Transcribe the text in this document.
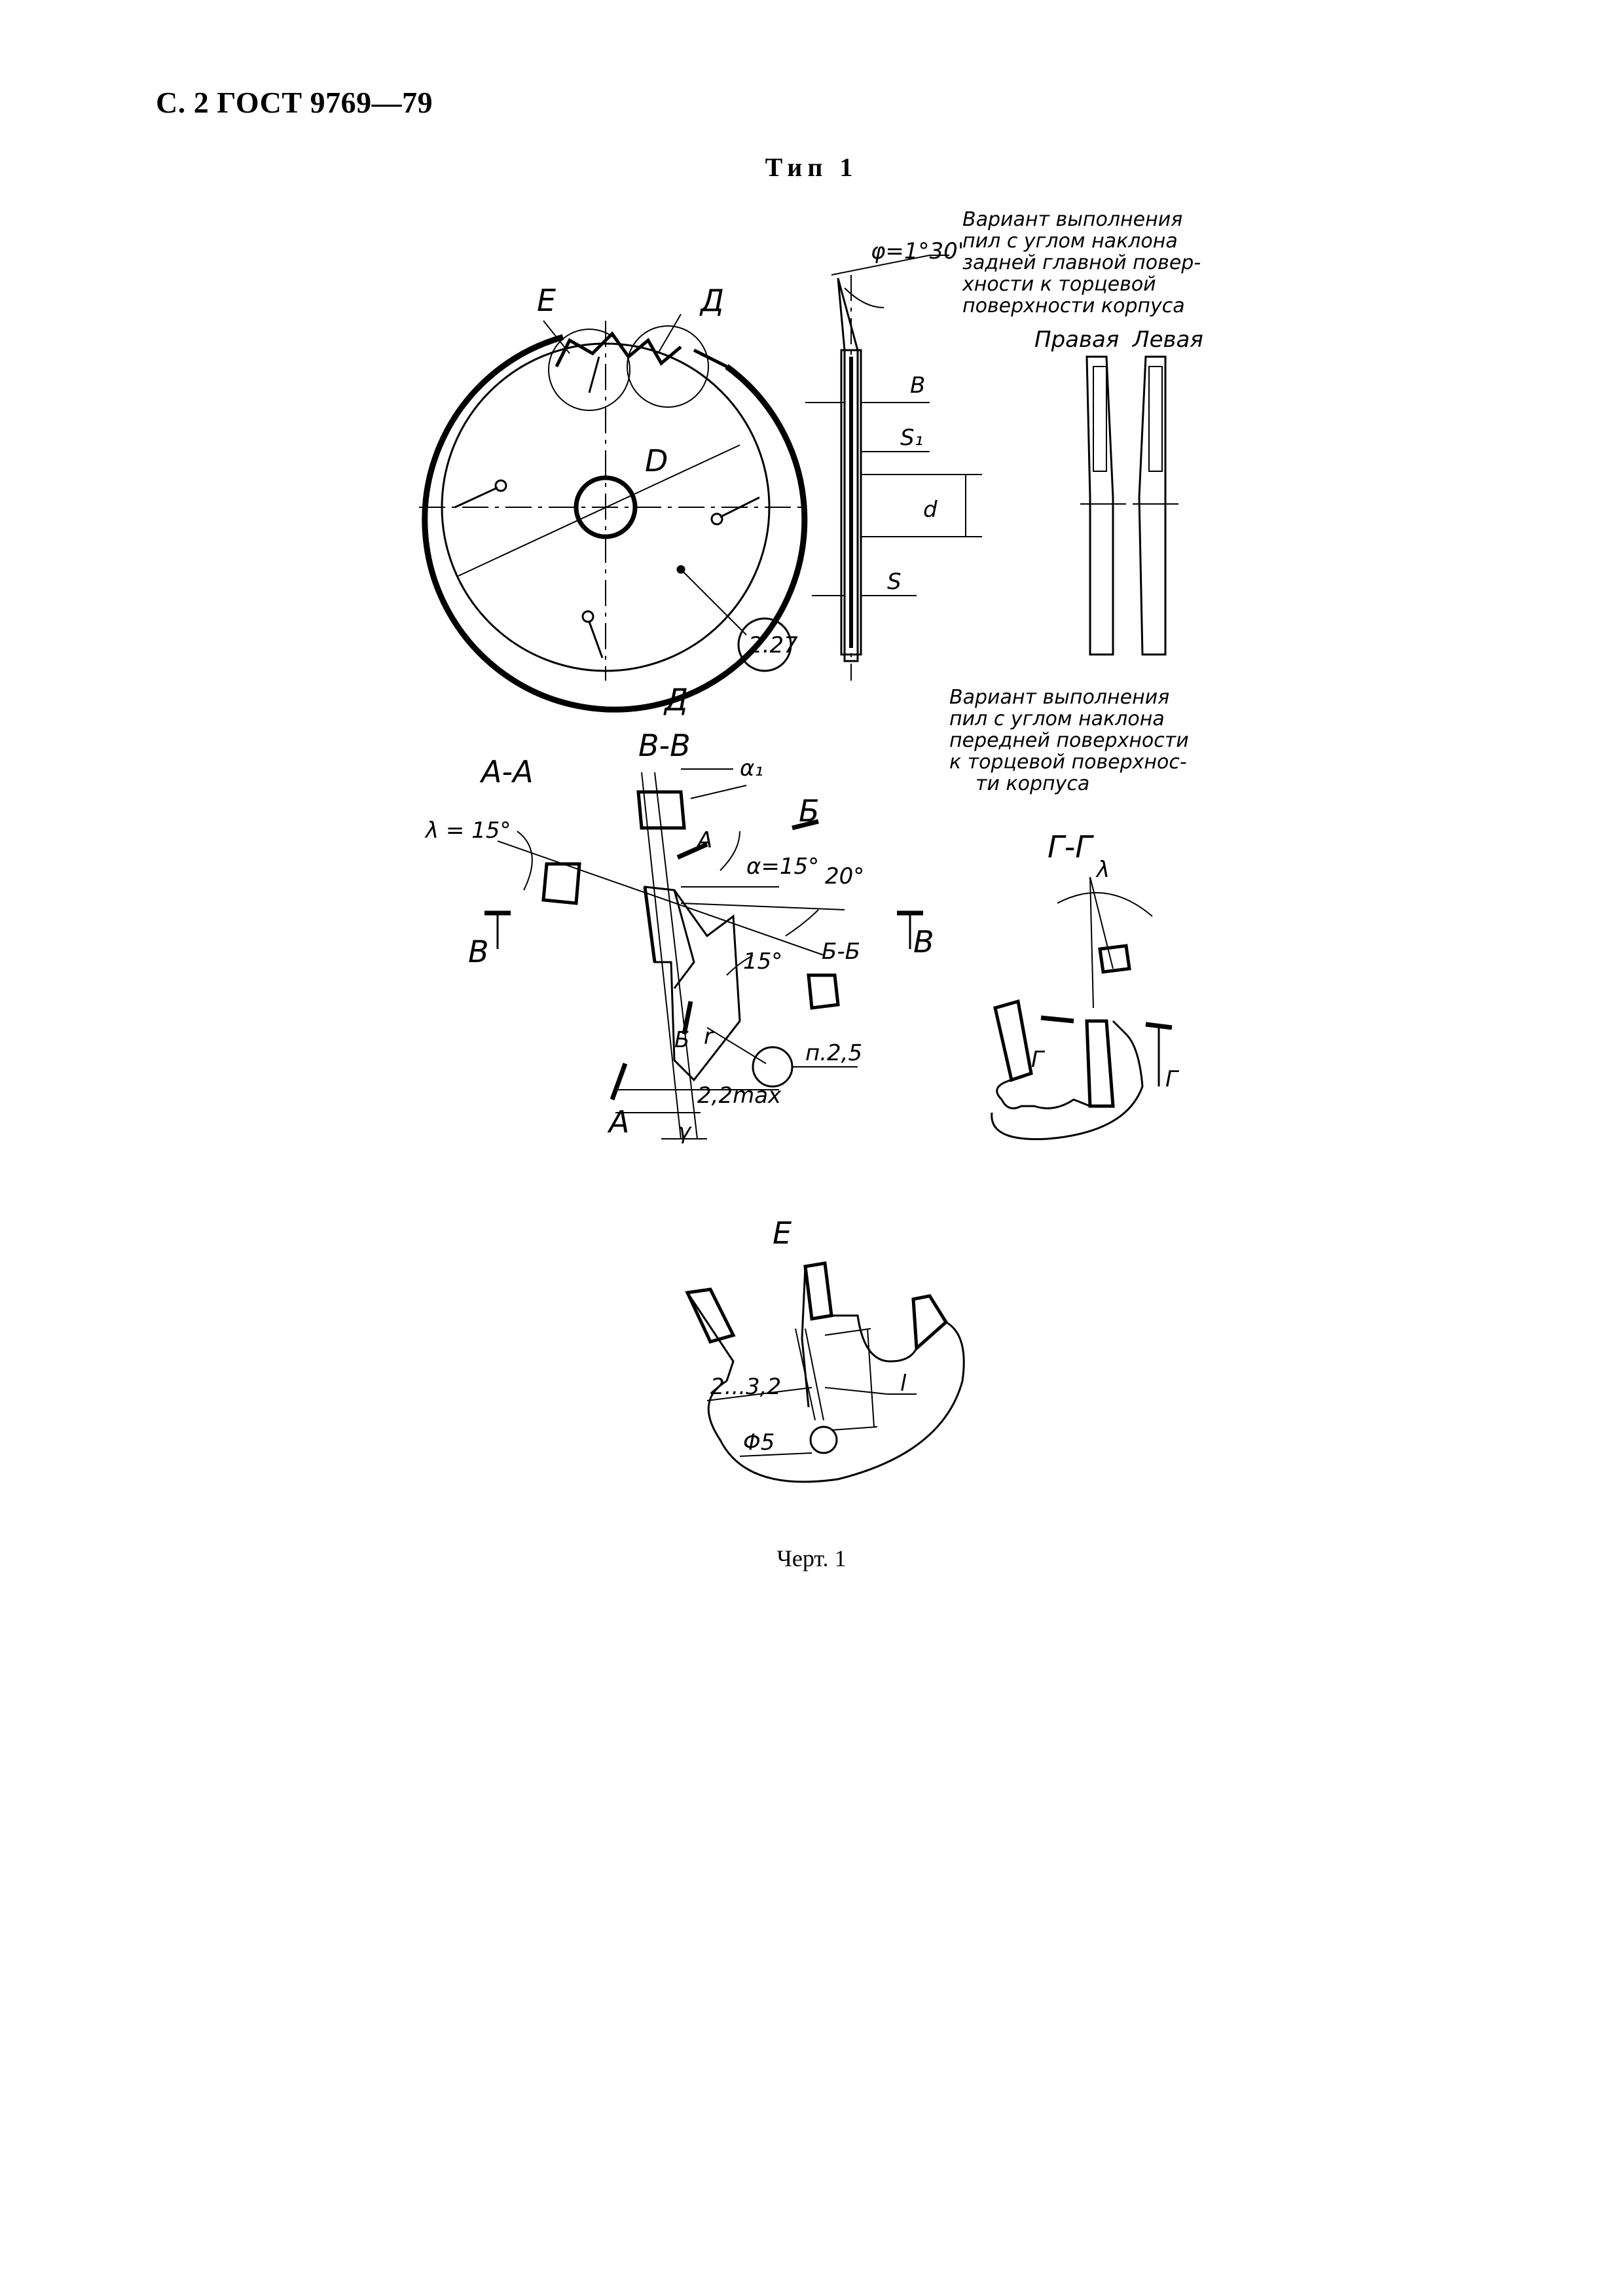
С. 2 ГОСТ 9769—79
Тип 1
Е	Д
D
2.27
φ=1°30'
В
S₁
d
S
Вариант выполнения
пил с углом наклона
задней главной повер-
хности к торцевой
поверхности корпуса
Правая Левая
Вариант выполнения
пил с углом наклона
передней поверхности
к торцевой поверхнос-
ти корпуса
Д
В-В
А-А	α₁
Б
А
λ = 15°
α=15° 20°
В
В	Б-Б
15°
r
Б	п.2,5
2,2max
А γ
Г-Г
λ
Г
Г
Е
2...3,2	l
Φ5
Черт. 1
